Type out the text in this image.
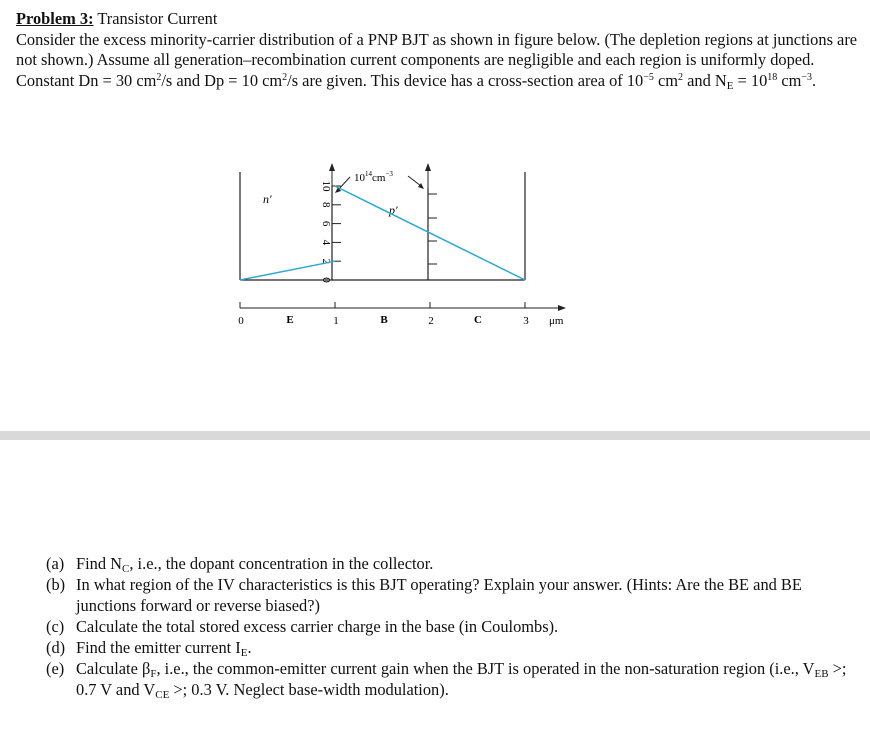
Problem 3: Transistor Current
Consider the excess minority-carrier distribution of a PNP BJT as shown in figure below. (The depletion regions at junctions are not shown.) Assume all generation–recombination current components are negligible and each region is uniformly doped. Constant Dn = 30 $cm^2/s$ and Dp = 10 $cm^2/s$ are given. This device has a cross-section area of $10^{-5}$ $cm^2$ and $N_E = 10^{18}$ $cm^{-3}$.
$10^{14}cm^{-3}$
n'
p'
10
8
6
4
2
0
0	1	2	3
E	B	C	μm
(a) Find $N_C$, i.e., the dopant concentration in the collector.
(b) In what region of the IV characteristics is this BJT operating? Explain your answer. (Hints: Are the BE and BE junctions forward or reverse biased?)
(c) Calculate the total stored excess carrier charge in the base (in Coulombs).
(d) Find the emitter current $I_E$.
(e) Calculate $\beta_F$, i.e., the common-emitter current gain when the BJT is operated in the non-saturation region (i.e., $V_{EB}$ >; 0.7 V and $V_{CE}$ >; 0.3 V. Neglect base-width modulation).
